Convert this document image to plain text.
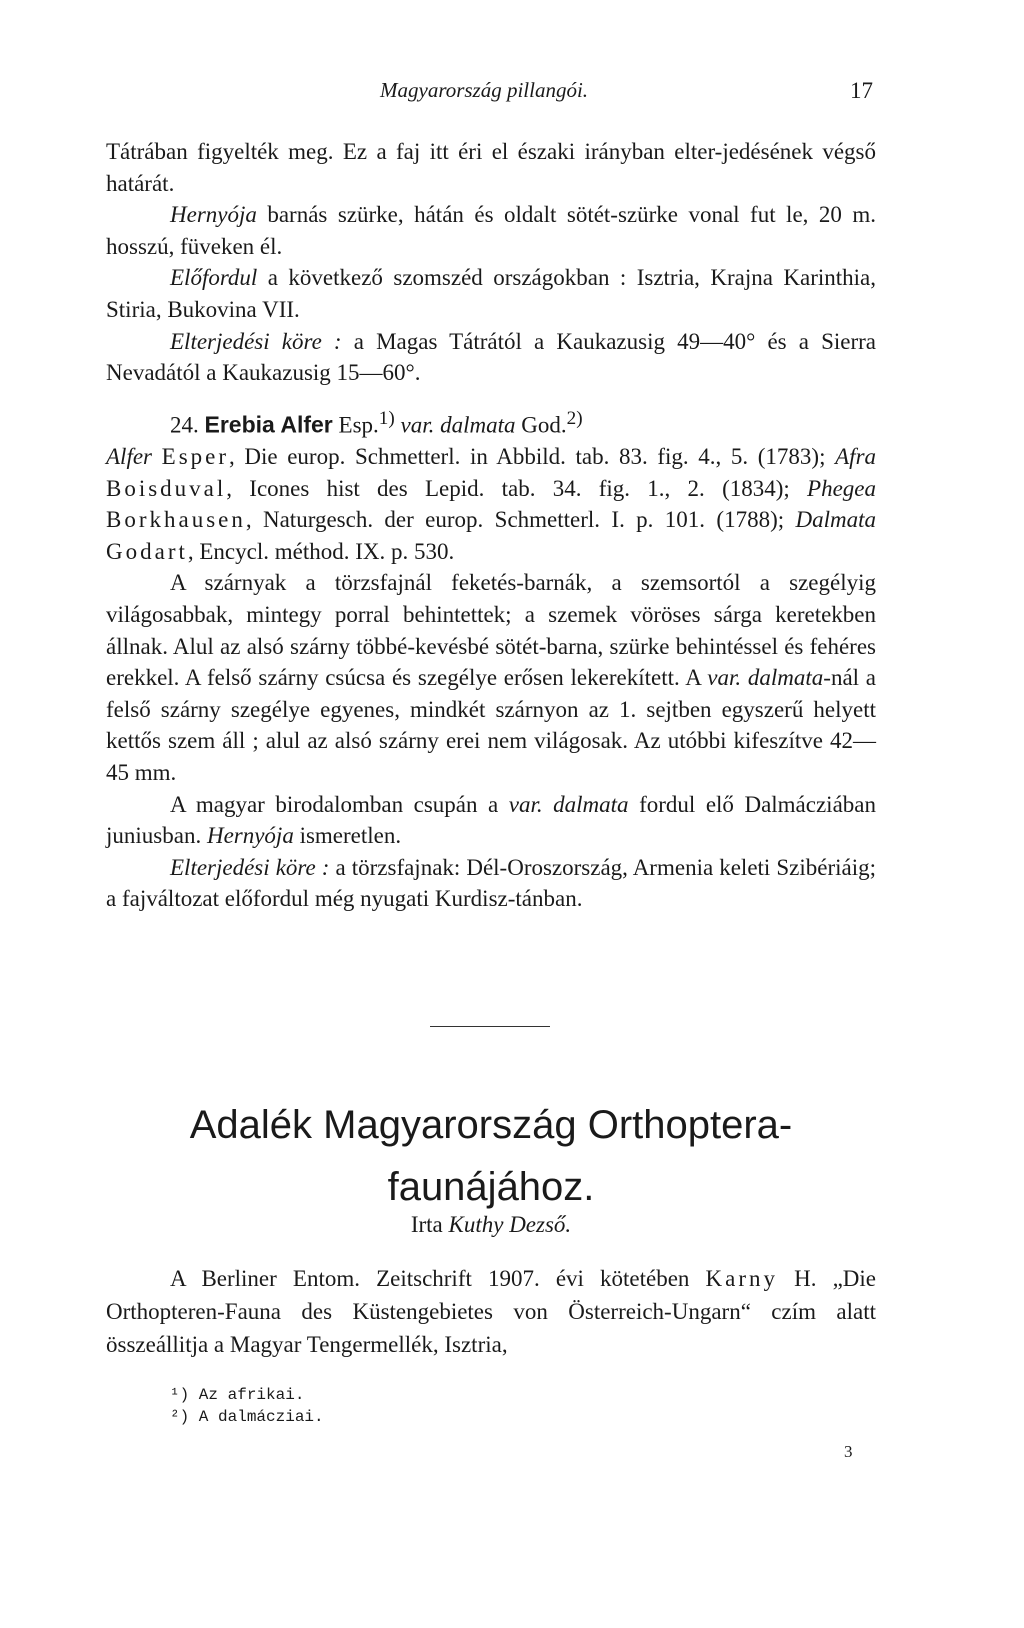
Magyarország pillangói.	17

Tátrában figyelték meg. Ez a faj itt éri el északi irányban elter-jedésének végső határát.

Hernyója barnás szürke, hátán és oldalt sötét-szürke vonal fut le, 20 m. hosszú, füveken él.

Előfordul a következő szomszéd országokban : Isztria, Krajna Karinthia, Stiria, Bukovina VII.

Elterjedési köre : a Magas Tátrától a Kaukazusig 49—40° és a Sierra Nevadától a Kaukazusig 15—60°.

24. Erebia Alfer Esp.$^{1)}$ var. dalmata God.$^{2)}$

Alfer Esper, Die europ. Schmetterl. in Abbild. tab. 83. fig. 4., 5. (1783); Afra Boisduval, Icones hist des Lepid. tab. 34. fig. 1., 2. (1834); Phegea Borkhausen, Naturgesch. der europ. Schmetterl. I. p. 101. (1788); Dalmata Godart, Encycl. méthod. IX. p. 530.

A szárnyak a törzsfajnál feketés-barnák, a szemsortól a szegélyig világosabbak, mintegy porral behintettek; a szemek vöröses sárga keretekben állnak. Alul az alsó szárny többé-kevésbé sötét-barna, szürke behintéssel és fehéres erekkel. A felső szárny csúcsa és szegélye erősen lekerekített. A var. dalmata-nál a felső szárny szegélye egyenes, mindkét szárnyon az 1. sejtben egyszerű helyett kettős szem áll ; alul az alsó szárny erei nem világosak. Az utóbbi kifeszítve 42—45 mm.

A magyar birodalomban csupán a var. dalmata fordul elő Dalmácziában juniusban. Hernyója ismeretlen.

Elterjedési köre : a törzsfajnak: Dél-Oroszország, Armenia keleti Szibériáig; a fajváltozat előfordul még nyugati Kurdisz-tánban.

Adalék Magyarország Orthoptera-
faunájához.
Irta Kuthy Dezső.

A Berliner Entom. Zeitschrift 1907. évi kötetében Karny H. „Die Orthopteren-Fauna des Küstengebietes von Österreich-Ungarn“ czím alatt összeállitja a Magyar Tengermellék, Isztria,

¹) Az afrikai.
²) A dalmácziai.
3
